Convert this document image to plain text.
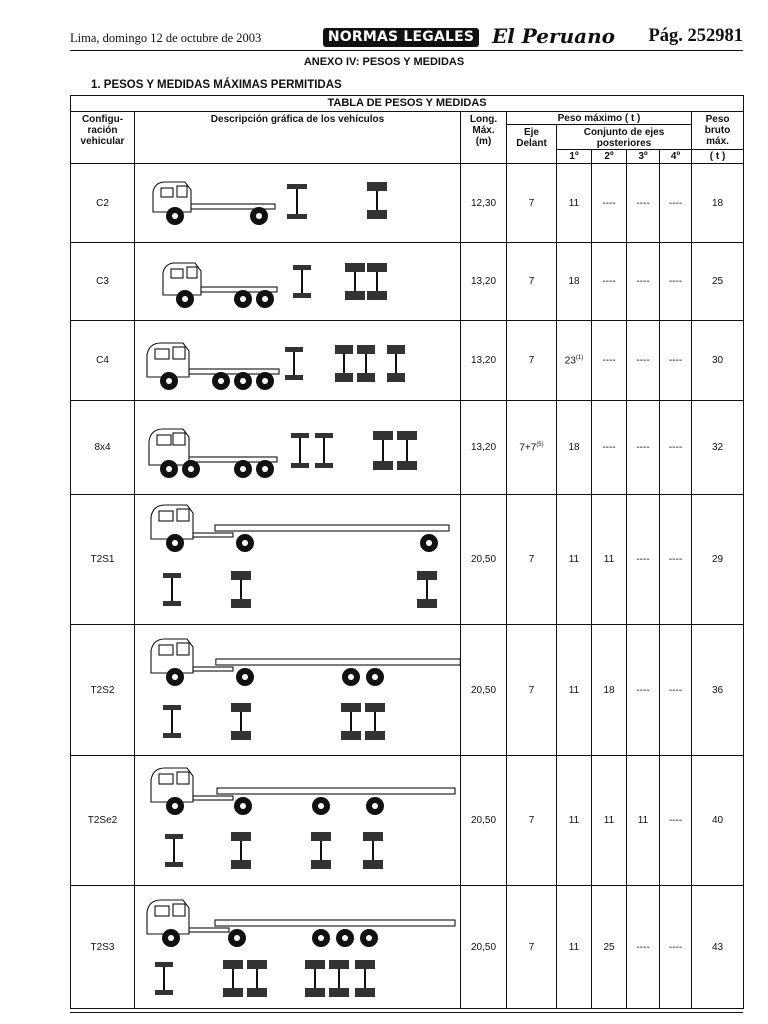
Lima, domingo 12 de octubre de 2003	NORMAS LEGALES El Peruano Pág. 252981
ANEXO IV: PESOS Y MEDIDAS
1. PESOS Y MEDIDAS MÁXIMAS PERMITIDAS
TABLA DE PESOS Y MEDIDAS								
Configu-
ración
vehicular	Descripción gráfica de los vehículos	Long.
Máx.
(m)	Peso máximo ( t )					Peso
bruto
máx.
			Eje
Delant	Conjunto de ejes
posteriores				
				1º	2º	3º	4º	( t )
C2		12,30	7	11	----	----	----	18
C3		13,20	7	18	----	----	----	25
C4		13,20	7	23$^{(1)}$	----	----	----	30
8x4		13,20	$7+7^{(5)}$	18	----	----	----	32
T2S1		20,50	7	11	11	----	----	29
T2S2		20,50	7	11	18	----	----	36
T2Se2		20,50	7	11	11	11	----	40
T2S3		20,50	7	11	25	----	----	43
